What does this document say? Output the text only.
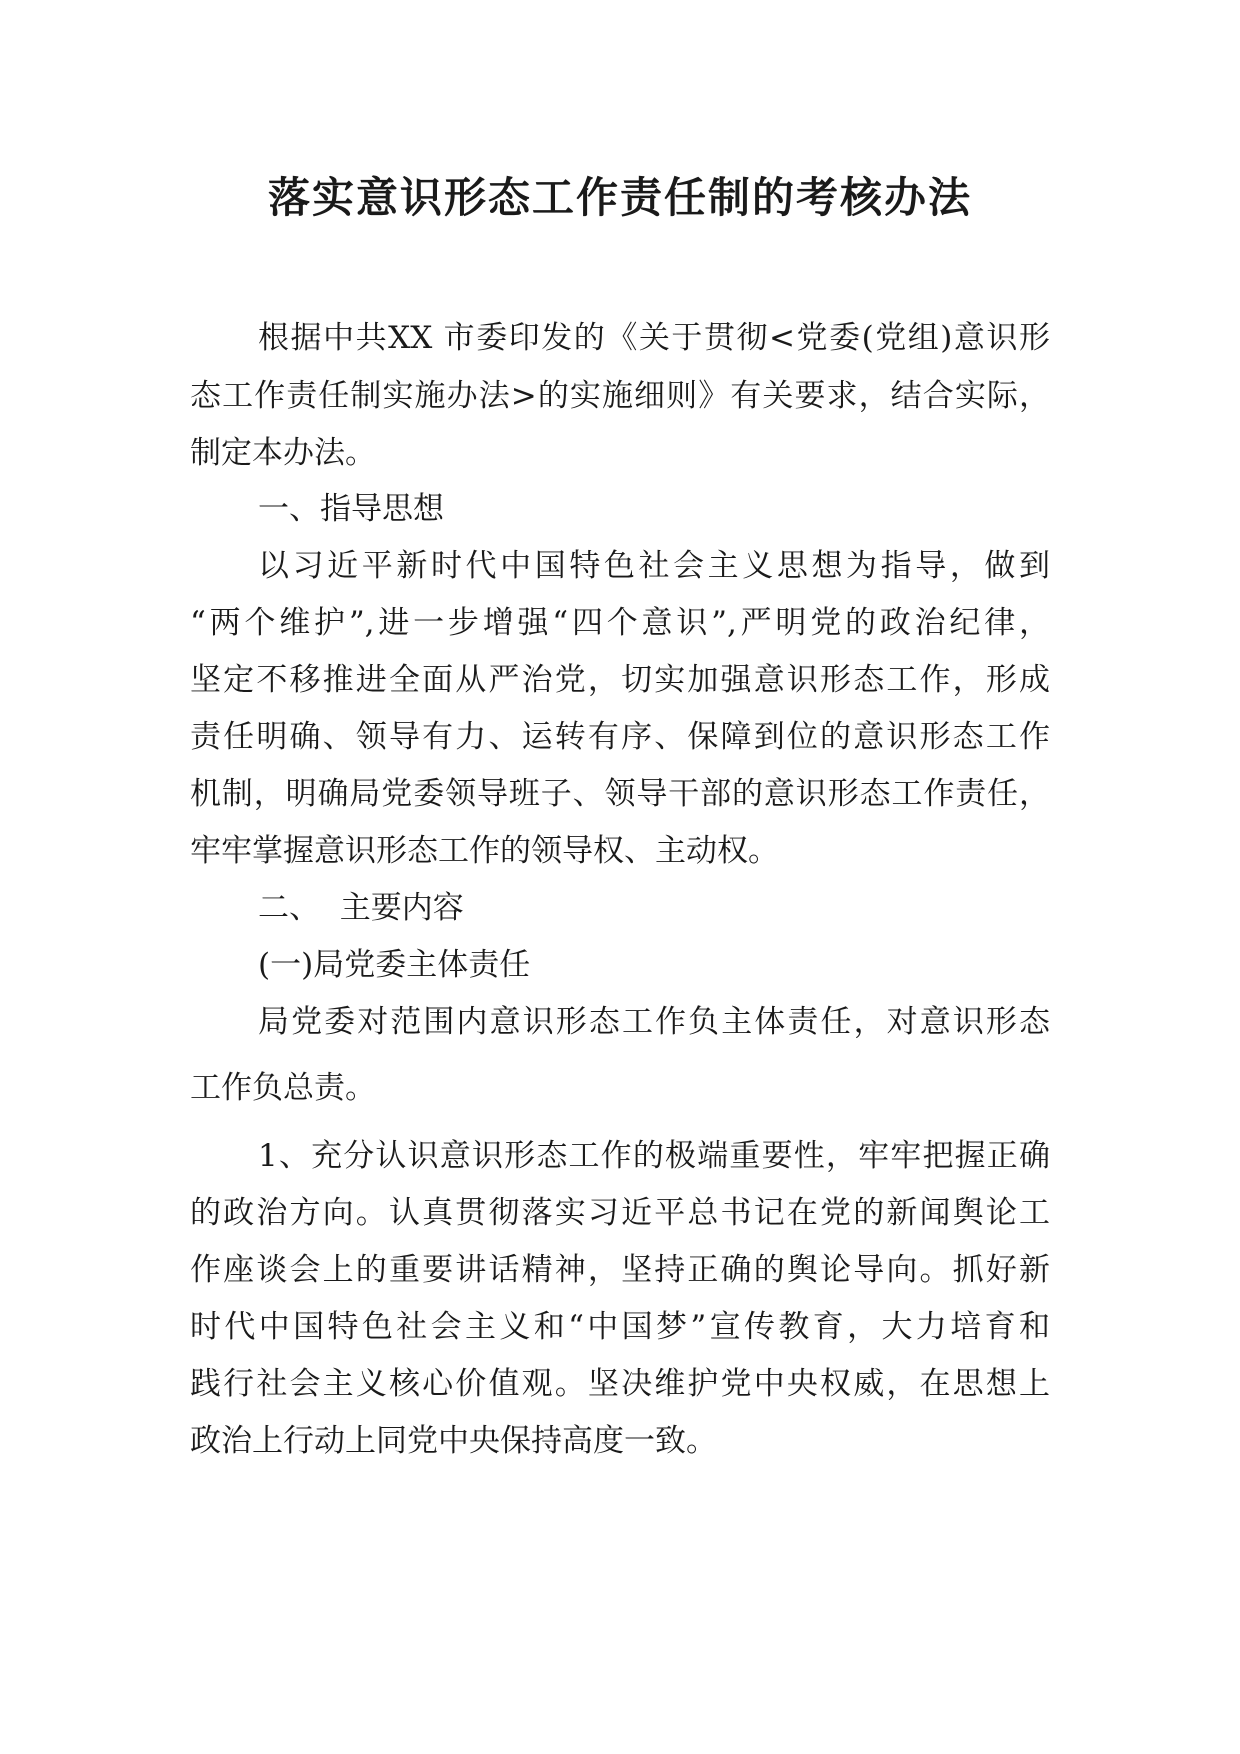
落实意识形态工作责任制的考核办法

根据中共XX 市委印发的《关于贯彻<党委(党组)意识形

态工作责任制实施办法>的实施细则》有关要求，结合实际，

制定本办法。

一、指导思想

以习近平新时代中国特色社会主义思想为指导，做到

“两个维护”,进一步增强“四个意识”,严明党的政治纪律，

坚定不移推进全面从严治党，切实加强意识形态工作，形成

责任明确、领导有力、运转有序、保障到位的意识形态工作

机制，明确局党委领导班子、领导干部的意识形态工作责任，

牢牢掌握意识形态工作的领导权、主动权。

二、  主要内容

(一)局党委主体责任

局党委对范围内意识形态工作负主体责任，对意识形态

工作负总责。

1、充分认识意识形态工作的极端重要性，牢牢把握正确

的政治方向。认真贯彻落实习近平总书记在党的新闻舆论工

作座谈会上的重要讲话精神，坚持正确的舆论导向。抓好新

时代中国特色社会主义和“中国梦”宣传教育，大力培育和

践行社会主义核心价值观。坚决维护党中央权威，在思想上

政治上行动上同党中央保持高度一致。
